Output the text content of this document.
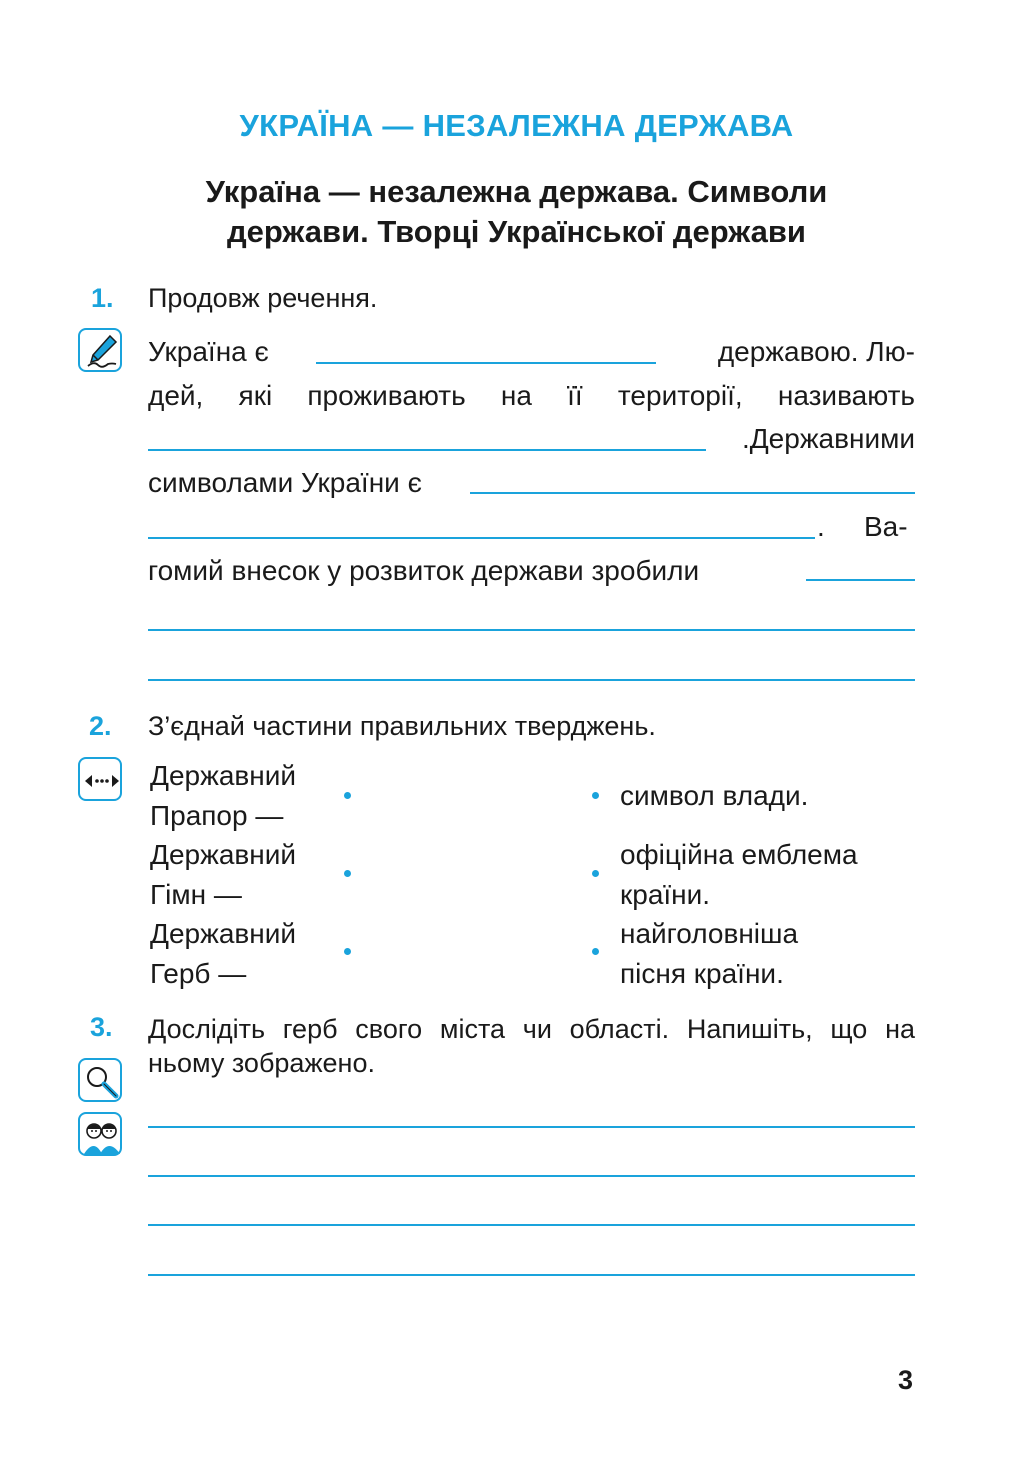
УКРАЇНА — НЕЗАЛЕЖНА ДЕРЖАВА
Україна — незалежна держава. Символи
держави. Творці Української держави
1. Продовж речення.
Україна є	державою. Лю-
дей, які проживають на її території, називають
.Державними
символами України є
. Ва-
гомий внесок у розвиток держави зробили
2. З’єднай частини правильних тверджень.
Державний
Прапор —
Державний
Гімн —
Державний
Герб —
символ влади.
офіційна емблема
країни.
найголовніша
пісня країни.
3. Дослідіть герб свого міста чи області. Напишіть, що на
ньому зображено.
3
